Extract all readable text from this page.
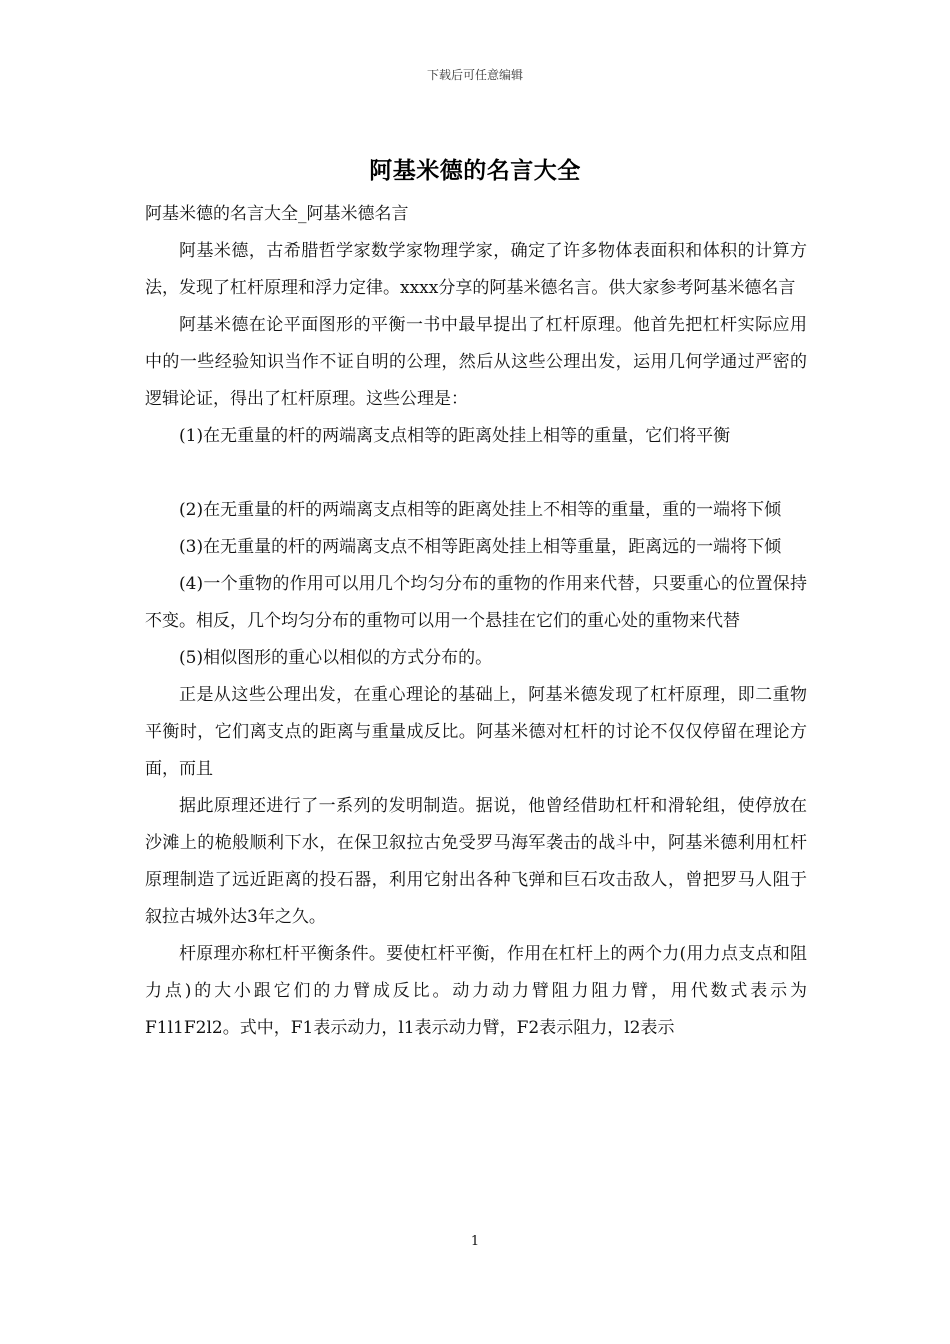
下载后可任意编辑
阿基米德的名言大全

阿基米德的名言大全_阿基米德名言

阿基米德，古希腊哲学家数学家物理学家，确定了许多物体表面积和体积的计算方法，发现了杠杆原理和浮力定律。xxxx分享的阿基米德名言。供大家参考阿基米德名言

阿基米德在论平面图形的平衡一书中最早提出了杠杆原理。他首先把杠杆实际应用中的一些经验知识当作不证自明的公理，然后从这些公理出发，运用几何学通过严密的逻辑论证，得出了杠杆原理。这些公理是：

(1)在无重量的杆的两端离支点相等的距离处挂上相等的重量，它们将平衡

(2)在无重量的杆的两端离支点相等的距离处挂上不相等的重量，重的一端将下倾

(3)在无重量的杆的两端离支点不相等距离处挂上相等重量，距离远的一端将下倾

(4)一个重物的作用可以用几个均匀分布的重物的作用来代替，只要重心的位置保持不变。相反，几个均匀分布的重物可以用一个悬挂在它们的重心处的重物来代替

(5)相似图形的重心以相似的方式分布的。

正是从这些公理出发，在重心理论的基础上，阿基米德发现了杠杆原理，即二重物平衡时，它们离支点的距离与重量成反比。阿基米德对杠杆的讨论不仅仅停留在理论方面，而且

据此原理还进行了一系列的发明制造。据说，他曾经借助杠杆和滑轮组，使停放在沙滩上的桅般顺利下水，在保卫叙拉古免受罗马海军袭击的战斗中，阿基米德利用杠杆原理制造了远近距离的投石器，利用它射出各种飞弹和巨石攻击敌人，曾把罗马人阻于叙拉古城外达3年之久。

杆原理亦称杠杆平衡条件。要使杠杆平衡，作用在杠杆上的两个力(用力点支点和阻力点)的大小跟它们的力臂成反比。动力动力臂阻力阻力臂，用代数式表示为F1l1F2l2。式中，F1表示动力，l1表示动力臂，F2表示阻力，l2表示

1
